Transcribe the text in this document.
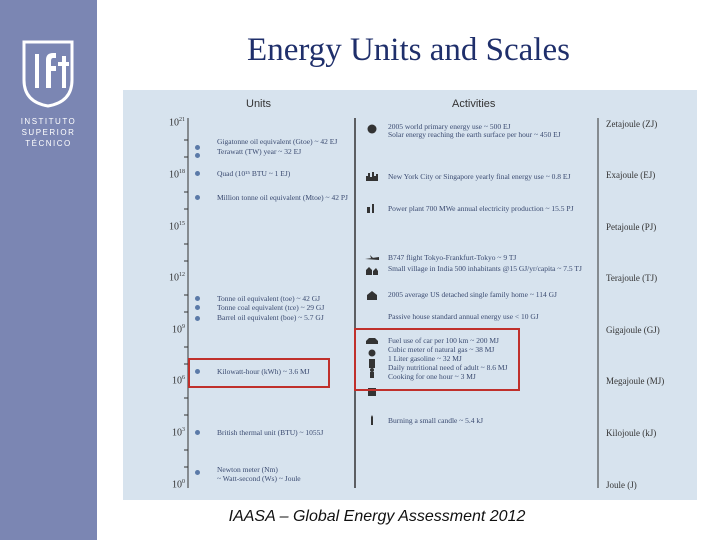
INSTITUTO
SUPERIOR
TÉCNICO
Energy Units and Scales
Units	Activities
$10^{21}$
$10^{18}$
$10^{15}$
$10^{12}$
$10^9$
$10^6$
$10^3$
$10^0$
Zetajoule (ZJ)
Exajoule (EJ)
Petajoule (PJ)
Terajoule (TJ)
Gigajoule (GJ)
Megajoule (MJ)
Kilojoule (kJ)
Joule (J)
Gigatonne oil equivalent (Gtoe) ~ 42 EJ
Terawatt (TW) year ~ 32 EJ
Quad (10¹⁵ BTU ~ 1 EJ)
Million tonne oil equivalent (Mtoe) ~ 42 PJ
Tonne oil equivalent (toe) ~ 42 GJ
Tonne coal equivalent (tce) ~ 29 GJ
Barrel oil equivalent (boe) ~ 5.7 GJ
Kilowatt-hour (kWh) ~ 3.6 MJ
British thermal unit (BTU) ~ 1055J
Newton meter (Nm)
~ Watt-second (Ws) ~ Joule
2005 world primary energy use ~ 500 EJ
Solar energy reaching the earth surface per hour ~ 450 EJ
New York City or Singapore yearly final energy use ~ 0.8 EJ
Power plant 700 MWe annual electricity production ~ 15.5 PJ
B747 flight Tokyo-Frankfurt-Tokyo ~ 9 TJ
Small village in India 500 inhabitants @15 GJ/yr/capita ~ 7.5 TJ
2005 average US detached single family home ~ 114 GJ
Passive house standard annual energy use < 10 GJ
Fuel use of car per 100 km ~ 200 MJ
Cubic meter of natural gas ~ 38 MJ
1 Liter gasoline ~ 32 MJ
Daily nutritional need of adult ~ 8.6 MJ
Cooking for one hour ~ 3 MJ
Burning a small candle ~ 5.4 kJ
IAASA – Global Energy Assessment 2012
